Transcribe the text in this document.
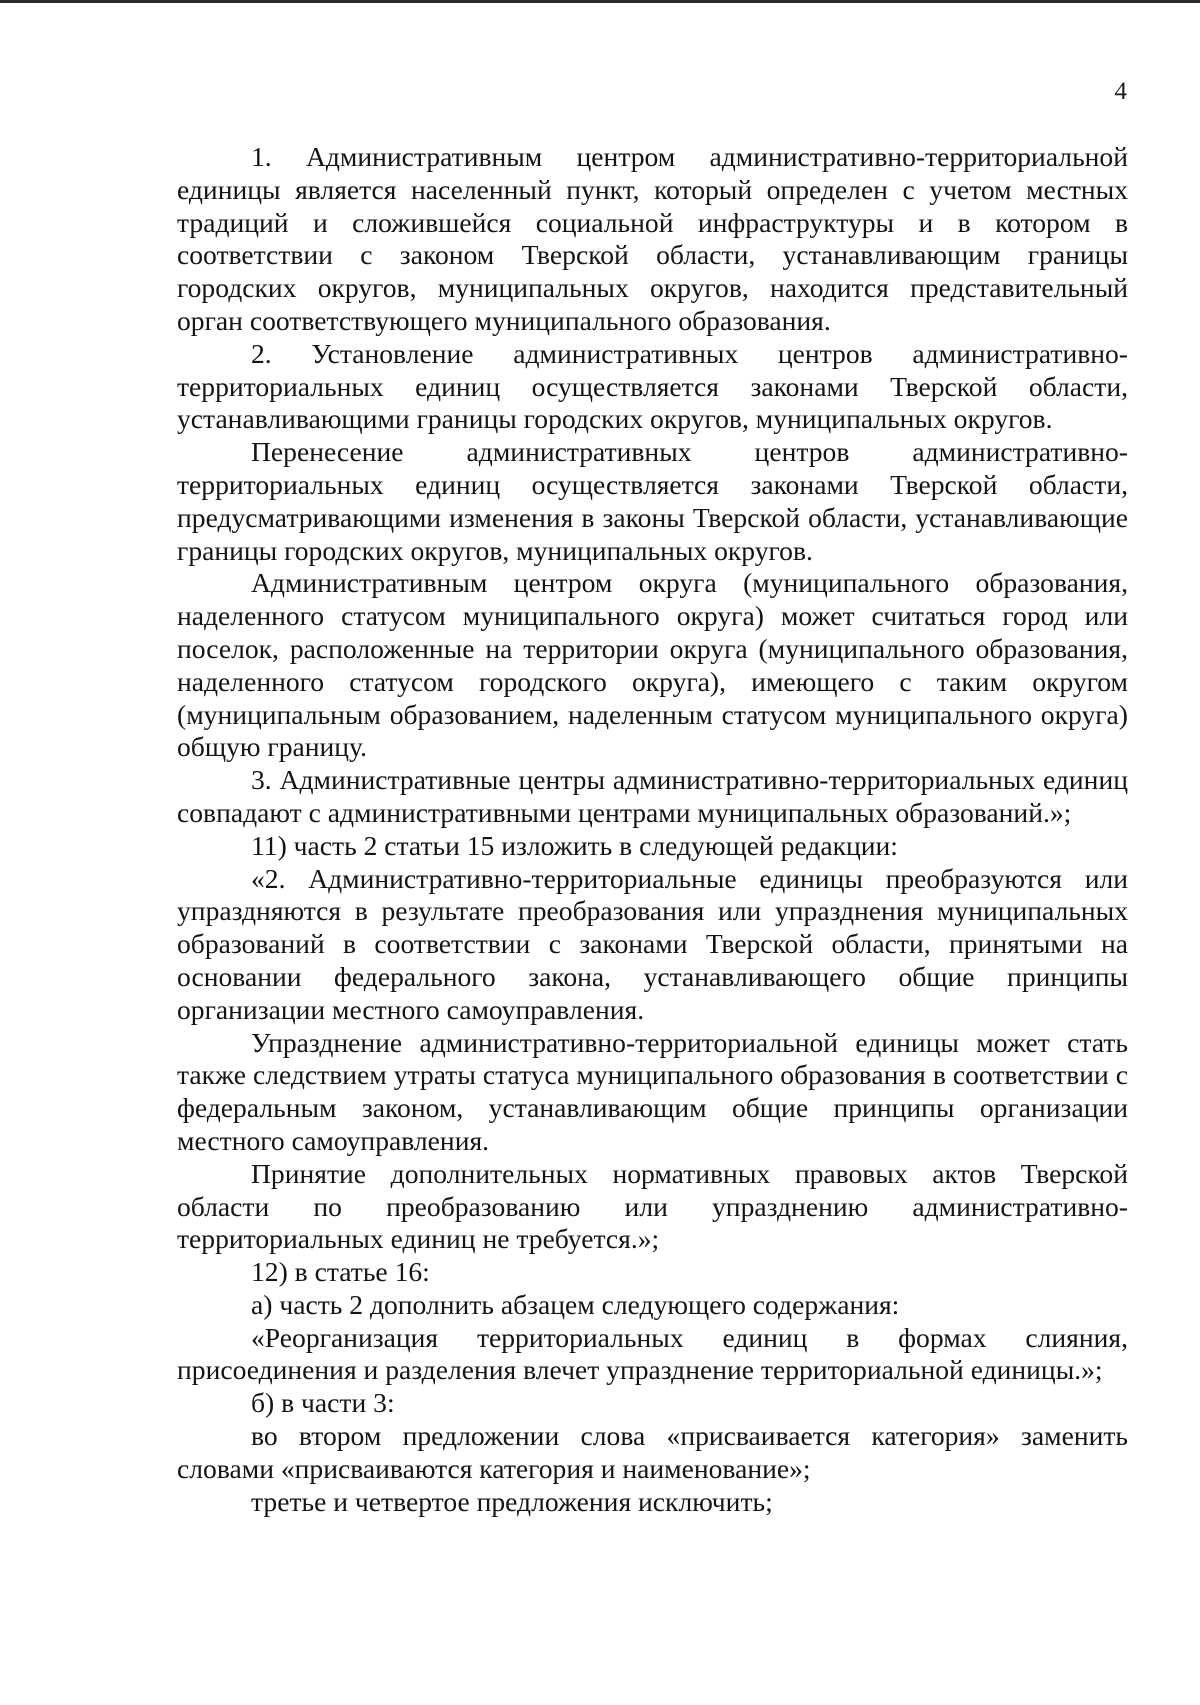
4

1. Административным центром административно-территориальной единицы является населенный пункт, который определен с учетом местных традиций и сложившейся социальной инфраструктуры и в котором в соответствии с законом Тверской области, устанавливающим границы городских округов, муниципальных округов, находится представительный орган соответствующего муниципального образования.

2. Установление административных центров административно-территориальных единиц осуществляется законами Тверской области, устанавливающими границы городских округов, муниципальных округов.

Перенесение административных центров административно-территориальных единиц осуществляется законами Тверской области, предусматривающими изменения в законы Тверской области, устанавливающие границы городских округов, муниципальных округов.

Административным центром округа (муниципального образования, наделенного статусом муниципального округа) может считаться город или поселок, расположенные на территории округа (муниципального образования, наделенного статусом городского округа), имеющего с таким округом (муниципальным образованием, наделенным статусом муниципального округа) общую границу.

3. Административные центры административно-территориальных единиц совпадают с административными центрами муниципальных образований.»;

11) часть 2 статьи 15 изложить в следующей редакции:

«2. Административно-территориальные единицы преобразуются или упраздняются в результате преобразования или упразднения муниципальных образований в соответствии с законами Тверской области, принятыми на основании федерального закона, устанавливающего общие принципы организации местного самоуправления.

Упразднение административно-территориальной единицы может стать также следствием утраты статуса муниципального образования в соответствии с федеральным законом, устанавливающим общие принципы организации местного самоуправления.

Принятие дополнительных нормативных правовых актов Тверской области по преобразованию или упразднению административно-территориальных единиц не требуется.»;

12) в статье 16:

а) часть 2 дополнить абзацем следующего содержания:

«Реорганизация территориальных единиц в формах слияния, присоединения и разделения влечет упразднение территориальной единицы.»;

б) в части 3:

во втором предложении слова «присваивается категория» заменить словами «присваиваются категория и наименование»;

третье и четвертое предложения исключить;
